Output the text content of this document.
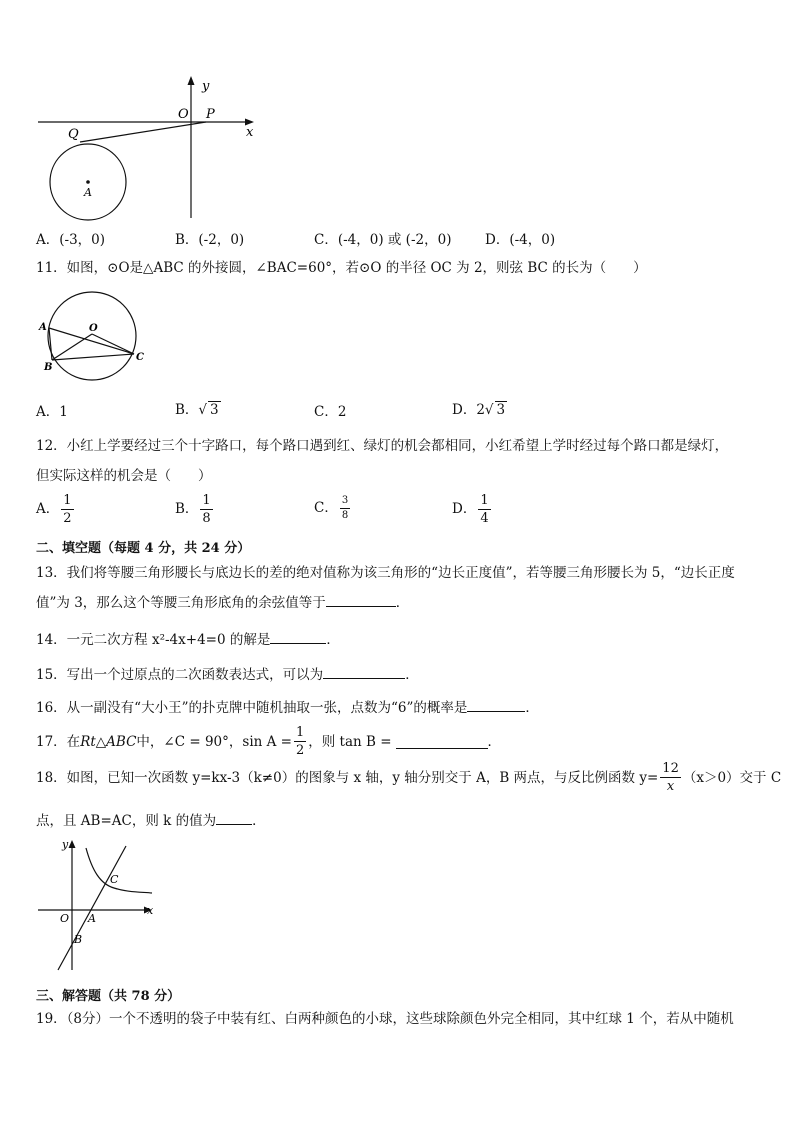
y
x
O P
Q
A
A．(-3，0)	B．(-2，0)	C．(-4，0) 或 (-2，0) D．(-4，0)
11．如图，⊙O是△ABC 的外接圆，∠BAC=60°，若⊙O 的半径 OC 为 2，则弦 BC 的长为（　　）
A	O
B
C
A．1	B．√ 3	C．2	D．2√ 3
12．小红上学要经过三个十字路口，每个路口遇到红、绿灯的机会都相同，小红希望上学时经过每个路口都是绿灯，
但实际这样的机会是（　　）
A． $\frac{1}{2}$	B． $\frac{1}{8}$	C． $\frac{3}{8}$	D． $\frac{1}{4}$
二、填空题（每题 4 分，共 24 分）
13．我们将等腰三角形腰长与底边长的差的绝对值称为该三角形的“边长正度值”，若等腰三角形腰长为 5，“边长正度
值”为 3，那么这个等腰三角形底角的余弦值等于	．
14．一元二次方程 x²-4x+4=0 的解是	．
15．写出一个过原点的二次函数表达式，可以为	．
16．从一副没有“大小王”的扑克牌中随机抽取一张，点数为“6”的概率是	．
17．在 Rt △ABC 中，∠C = 90°，$\sin A = \frac{1}{2}$ ，则 tan B =	．
18．如图，已知一次函数 y=kx-3（k≠0）的图象与 x 轴，y 轴分别交于 A，B 两点，与反比例函数 $y= \frac{12}{x} (x>0)$交于 C
点，且 AB=AC，则 k 的值为	．
y
x
O A
B
C
三、解答题（共 78 分）
19．（8分）一个不透明的袋子中装有红、白两种颜色的小球，这些球除颜色外完全相同，其中红球 1 个，若从中随机
